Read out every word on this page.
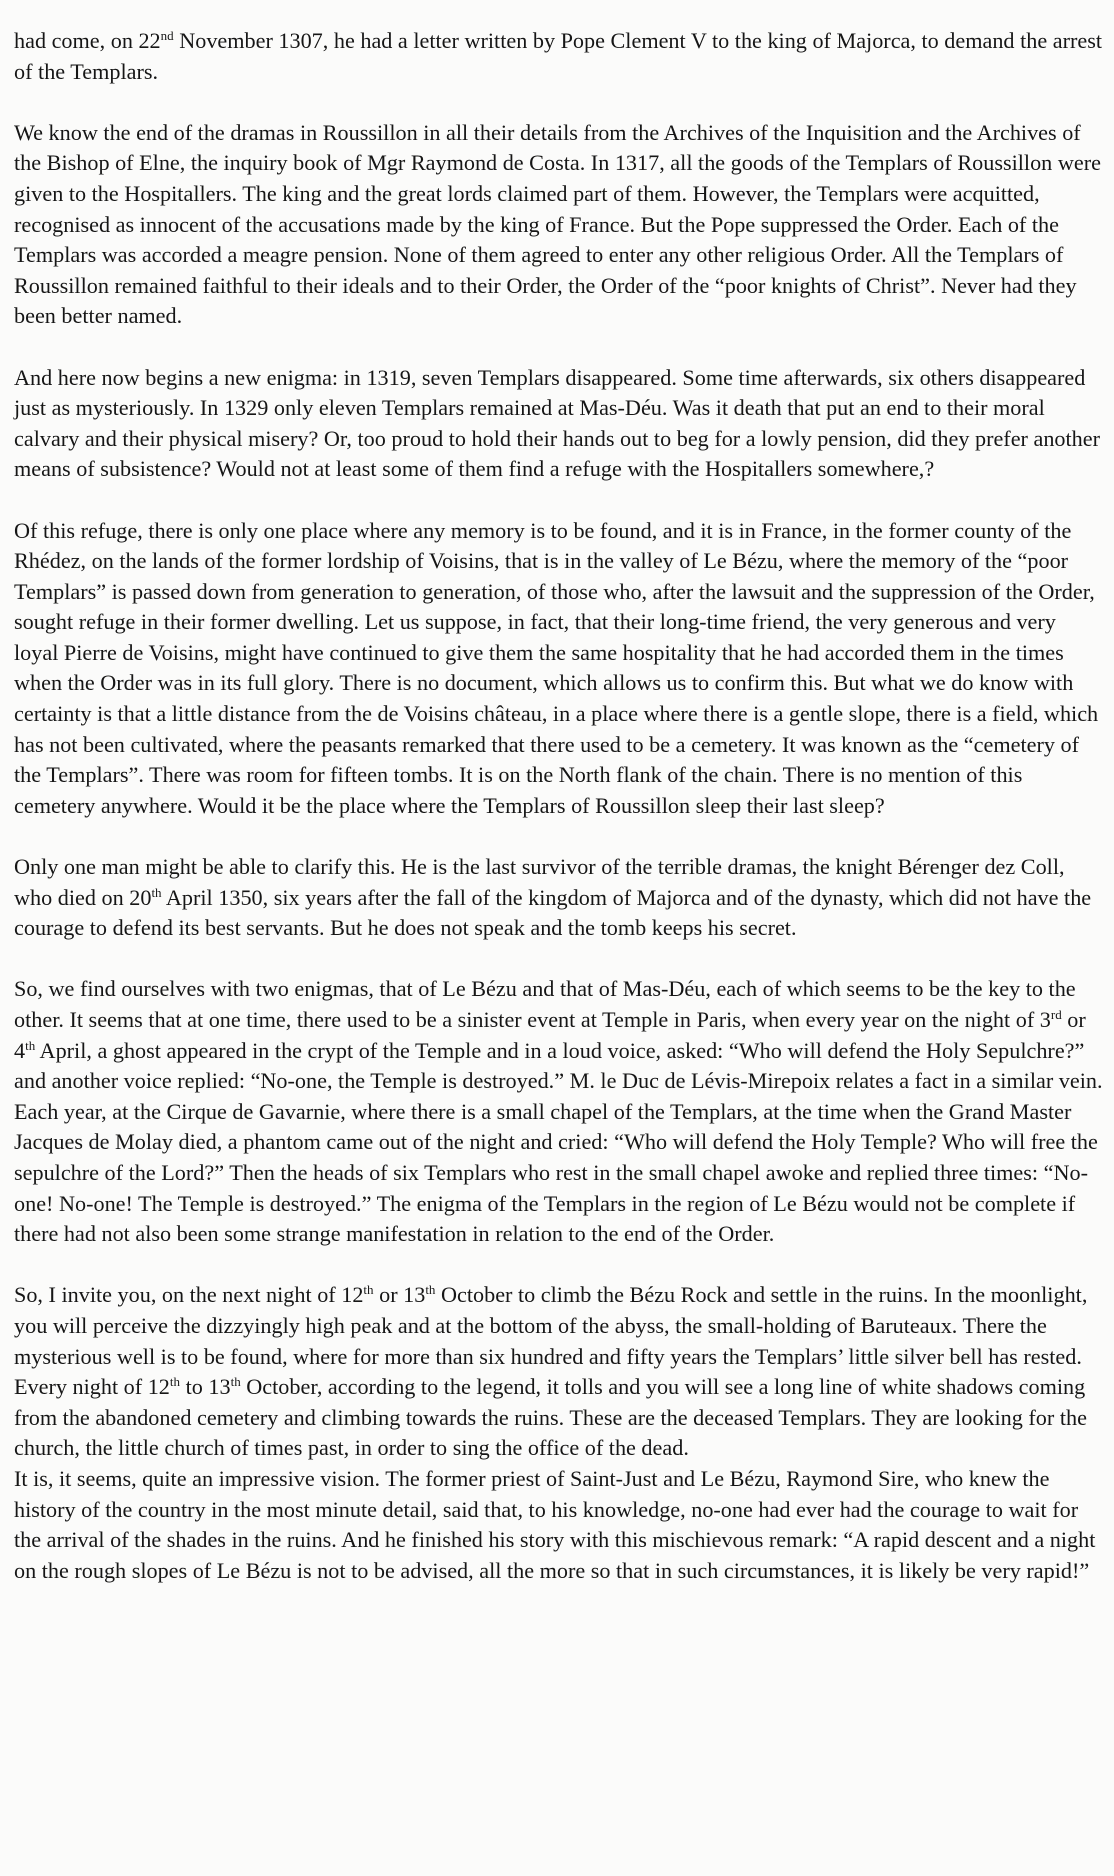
had come, on 22nd November 1307, he had a letter written by Pope Clement V to the king of Majorca, to demand the arrest of the Templars.

We know the end of the dramas in Roussillon in all their details from the Archives of the Inquisition and the Archives of the Bishop of Elne, the inquiry book of Mgr Raymond de Costa. In 1317, all the goods of the Templars of Roussillon were given to the Hospitallers. The king and the great lords claimed part of them. However, the Templars were acquitted, recognised as innocent of the accusations made by the king of France. But the Pope suppressed the Order. Each of the Templars was accorded a meagre pension. None of them agreed to enter any other religious Order. All the Templars of Roussillon remained faithful to their ideals and to their Order, the Order of the “poor knights of Christ”. Never had they been better named.

And here now begins a new enigma: in 1319, seven Templars disappeared. Some time afterwards, six others disappeared just as mysteriously. In 1329 only eleven Templars remained at Mas-Déu. Was it death that put an end to their moral calvary and their physical misery? Or, too proud to hold their hands out to beg for a lowly pension, did they prefer another means of subsistence? Would not at least some of them find a refuge with the Hospitallers somewhere,?

Of this refuge, there is only one place where any memory is to be found, and it is in France, in the former county of the Rhédez, on the lands of the former lordship of Voisins, that is in the valley of Le Bézu, where the memory of the “poor Templars” is passed down from generation to generation, of those who, after the lawsuit and the suppression of the Order, sought refuge in their former dwelling. Let us suppose, in fact, that their long-time friend, the very generous and very loyal Pierre de Voisins, might have continued to give them the same hospitality that he had accorded them in the times when the Order was in its full glory. There is no document, which allows us to confirm this. But what we do know with certainty is that a little distance from the de Voisins château, in a place where there is a gentle slope, there is a field, which has not been cultivated, where the peasants remarked that there used to be a cemetery. It was known as the “cemetery of the Templars”. There was room for fifteen tombs. It is on the North flank of the chain. There is no mention of this cemetery anywhere. Would it be the place where the Templars of Roussillon sleep their last sleep?

Only one man might be able to clarify this. He is the last survivor of the terrible dramas, the knight Bérenger dez Coll, who died on 20th April 1350, six years after the fall of the kingdom of Majorca and of the dynasty, which did not have the courage to defend its best servants. But he does not speak and the tomb keeps his secret.

So, we find ourselves with two enigmas, that of Le Bézu and that of Mas-Déu, each of which seems to be the key to the other. It seems that at one time, there used to be a sinister event at Temple in Paris, when every year on the night of 3rd or 4th April, a ghost appeared in the crypt of the Temple and in a loud voice, asked: “Who will defend the Holy Sepulchre?” and another voice replied: “No-one, the Temple is destroyed.” M. le Duc de Lévis-Mirepoix relates a fact in a similar vein. Each year, at the Cirque de Gavarnie, where there is a small chapel of the Templars, at the time when the Grand Master Jacques de Molay died, a phantom came out of the night and cried: “Who will defend the Holy Temple? Who will free the sepulchre of the Lord?” Then the heads of six Templars who rest in the small chapel awoke and replied three times: “No-one! No-one! The Temple is destroyed.” The enigma of the Templars in the region of Le Bézu would not be complete if there had not also been some strange manifestation in relation to the end of the Order.

So, I invite you, on the next night of 12th or 13th October to climb the Bézu Rock and settle in the ruins. In the moonlight, you will perceive the dizzyingly high peak and at the bottom of the abyss, the small-holding of Baruteaux. There the mysterious well is to be found, where for more than six hundred and fifty years the Templars’ little silver bell has rested. Every night of 12th to 13th October, according to the legend, it tolls and you will see a long line of white shadows coming from the abandoned cemetery and climbing towards the ruins. These are the deceased Templars. They are looking for the church, the little church of times past, in order to sing the office of the dead.

It is, it seems, quite an impressive vision. The former priest of Saint-Just and Le Bézu, Raymond Sire, who knew the history of the country in the most minute detail, said that, to his knowledge, no-one had ever had the courage to wait for the arrival of the shades in the ruins. And he finished his story with this mischievous remark: “A rapid descent and a night on the rough slopes of Le Bézu is not to be advised, all the more so that in such circumstances, it is likely be very rapid!”
